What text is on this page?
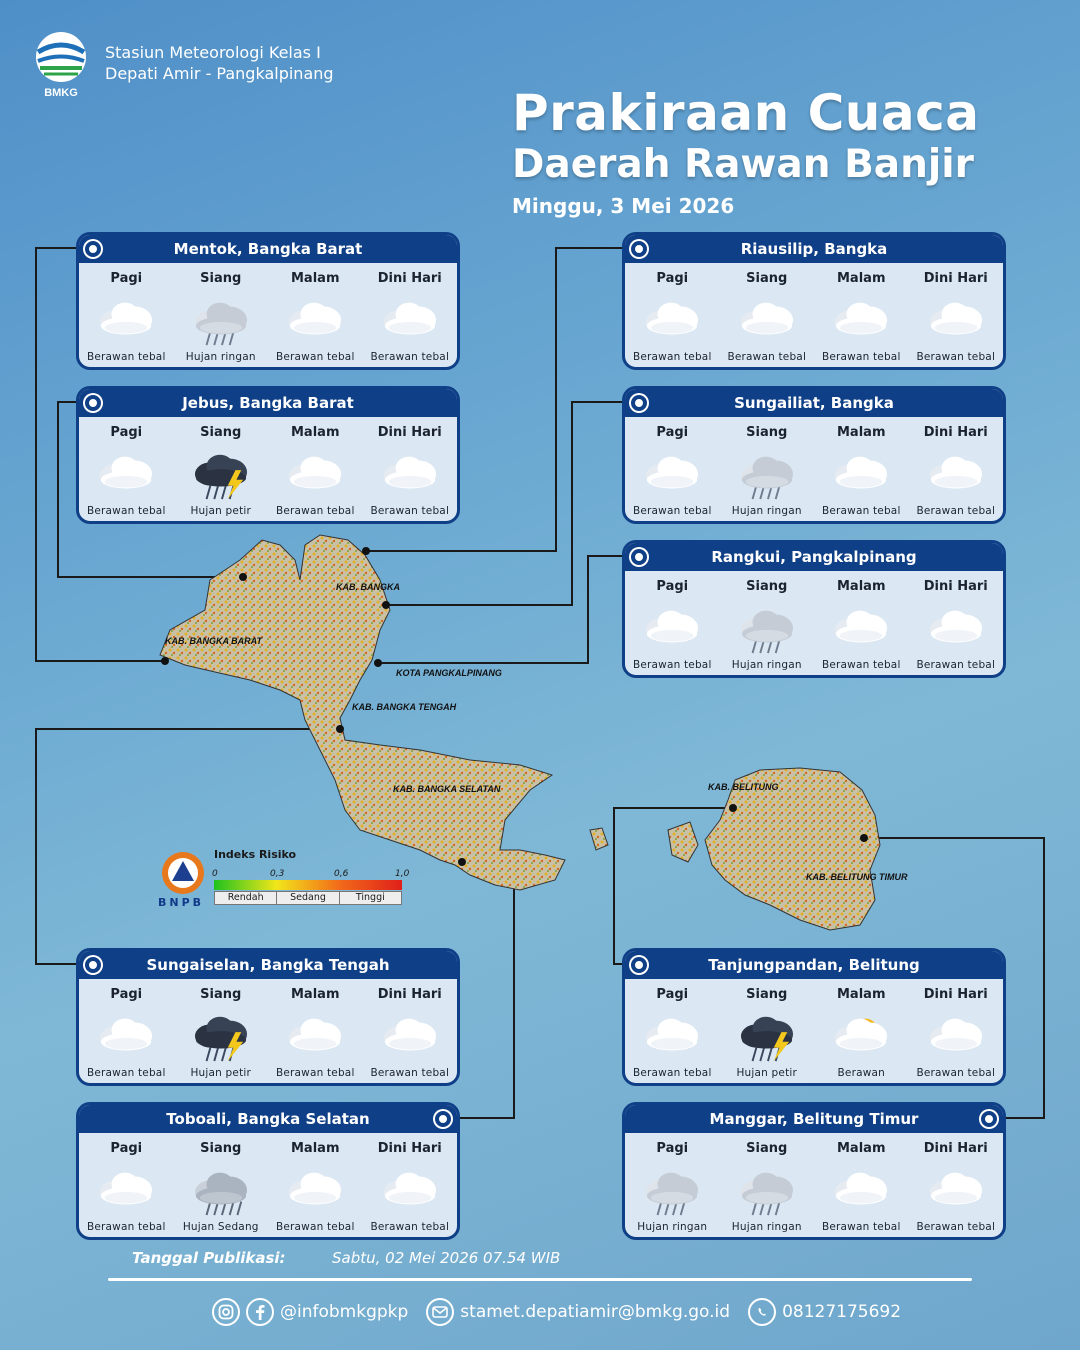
KAB. BANGKA
KAB. BANGKA BARAT
KOTA PANGKALPINANG
KAB. BANGKA TENGAH
KAB. BANGKA SELATAN	KAB. BELITUNG
KAB. BELITUNG TIMUR
BMKG
Stasiun Meteorologi Kelas I
Depati Amir - Pangkalpinang
Prakiraan Cuaca
Daerah Rawan Banjir
Minggu, 3 Mei 2026
Mentok, Bangka Barat
Pagi
Berawan tebal
Siang
Hujan ringan
Malam
Berawan tebal
Dini Hari
Berawan tebal
Jebus, Bangka Barat
Pagi
Berawan tebal
Siang
Hujan petir
Malam
Berawan tebal
Dini Hari
Berawan tebal
Riausilip, Bangka
Pagi
Berawan tebal
Siang
Berawan tebal
Malam
Berawan tebal
Dini Hari
Berawan tebal
Sungailiat, Bangka
Pagi
Berawan tebal
Siang
Hujan ringan
Malam
Berawan tebal
Dini Hari
Berawan tebal
Rangkui, Pangkalpinang
Pagi
Berawan tebal
Siang
Hujan ringan
Malam
Berawan tebal
Dini Hari
Berawan tebal
Sungaiselan, Bangka Tengah
Pagi
Berawan tebal
Siang
Hujan petir
Malam
Berawan tebal
Dini Hari
Berawan tebal
Toboali, Bangka Selatan
Pagi
Berawan tebal
Siang
Hujan Sedang
Malam
Berawan tebal
Dini Hari
Berawan tebal
Tanjungpandan, Belitung
Pagi
Berawan tebal
Siang
Hujan petir
Malam
Berawan
Dini Hari
Berawan tebal
Manggar, Belitung Timur
Pagi
Hujan ringan
Siang
Hujan ringan
Malam
Berawan tebal
Dini Hari
Berawan tebal
Indeks Risiko
0	0,3	0,6	1,0
Rendah	Sedang	Tinggi
BNPB
Tanggal Publikasi:	Sabtu, 02 Mei 2026 07.54 WIB
@infobmkgpkp	stamet.depatiamir@bmkg.go.id	08127175692
